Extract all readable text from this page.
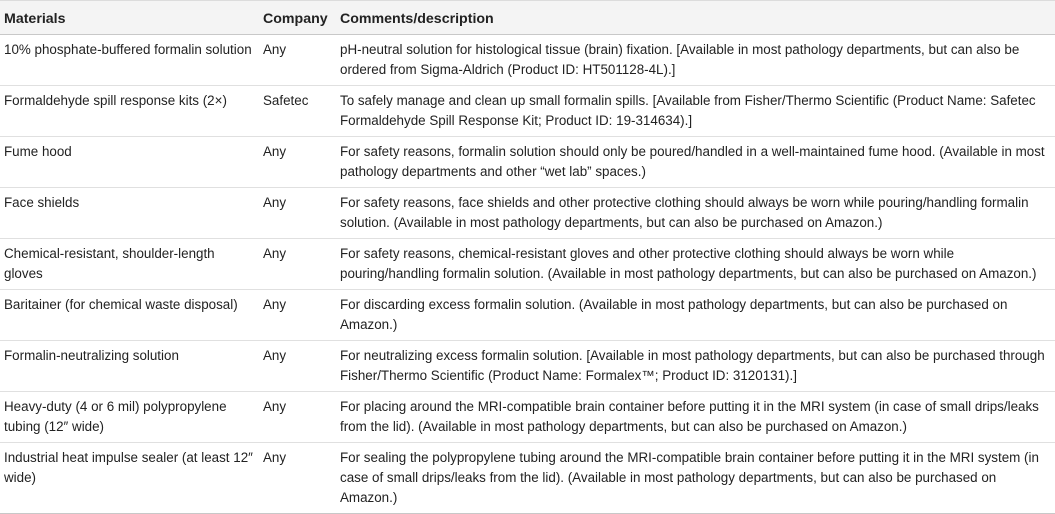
Materials	Company	Comments/description
10% phosphate-buffered formalin solution	Any	pH-neutral solution for histological tissue (brain) fixation. [Available in most pathology departments, but can also be ordered from Sigma-Aldrich (Product ID: HT501128-4L).]
Formaldehyde spill response kits (2×)	Safetec	To safely manage and clean up small formalin spills. [Available from Fisher/Thermo Scientific (Product Name: Safetec Formaldehyde Spill Response Kit; Product ID: 19-314634).]
Fume hood	Any	For safety reasons, formalin solution should only be poured/handled in a well-maintained fume hood. (Available in most pathology departments and other “wet lab” spaces.)
Face shields	Any	For safety reasons, face shields and other protective clothing should always be worn while pouring/handling formalin solution. (Available in most pathology departments, but can also be purchased on Amazon.)
Chemical-resistant, shoulder-length gloves	Any	For safety reasons, chemical-resistant gloves and other protective clothing should always be worn while pouring/handling formalin solution. (Available in most pathology departments, but can also be purchased on Amazon.)
Baritainer (for chemical waste disposal)	Any	For discarding excess formalin solution. (Available in most pathology departments, but can also be purchased on Amazon.)
Formalin-neutralizing solution	Any	For neutralizing excess formalin solution. [Available in most pathology departments, but can also be purchased through Fisher/Thermo Scientific (Product Name: Formalex™; Product ID: 3120131).]
Heavy-duty (4 or 6 mil) polypropylene tubing (12″ wide)	Any	For placing around the MRI-compatible brain container before putting it in the MRI system (in case of small drips/leaks from the lid). (Available in most pathology departments, but can also be purchased on Amazon.)
Industrial heat impulse sealer (at least 12″ wide)	Any	For sealing the polypropylene tubing around the MRI-compatible brain container before putting it in the MRI system (in case of small drips/leaks from the lid). (Available in most pathology departments, but can also be purchased on Amazon.)
